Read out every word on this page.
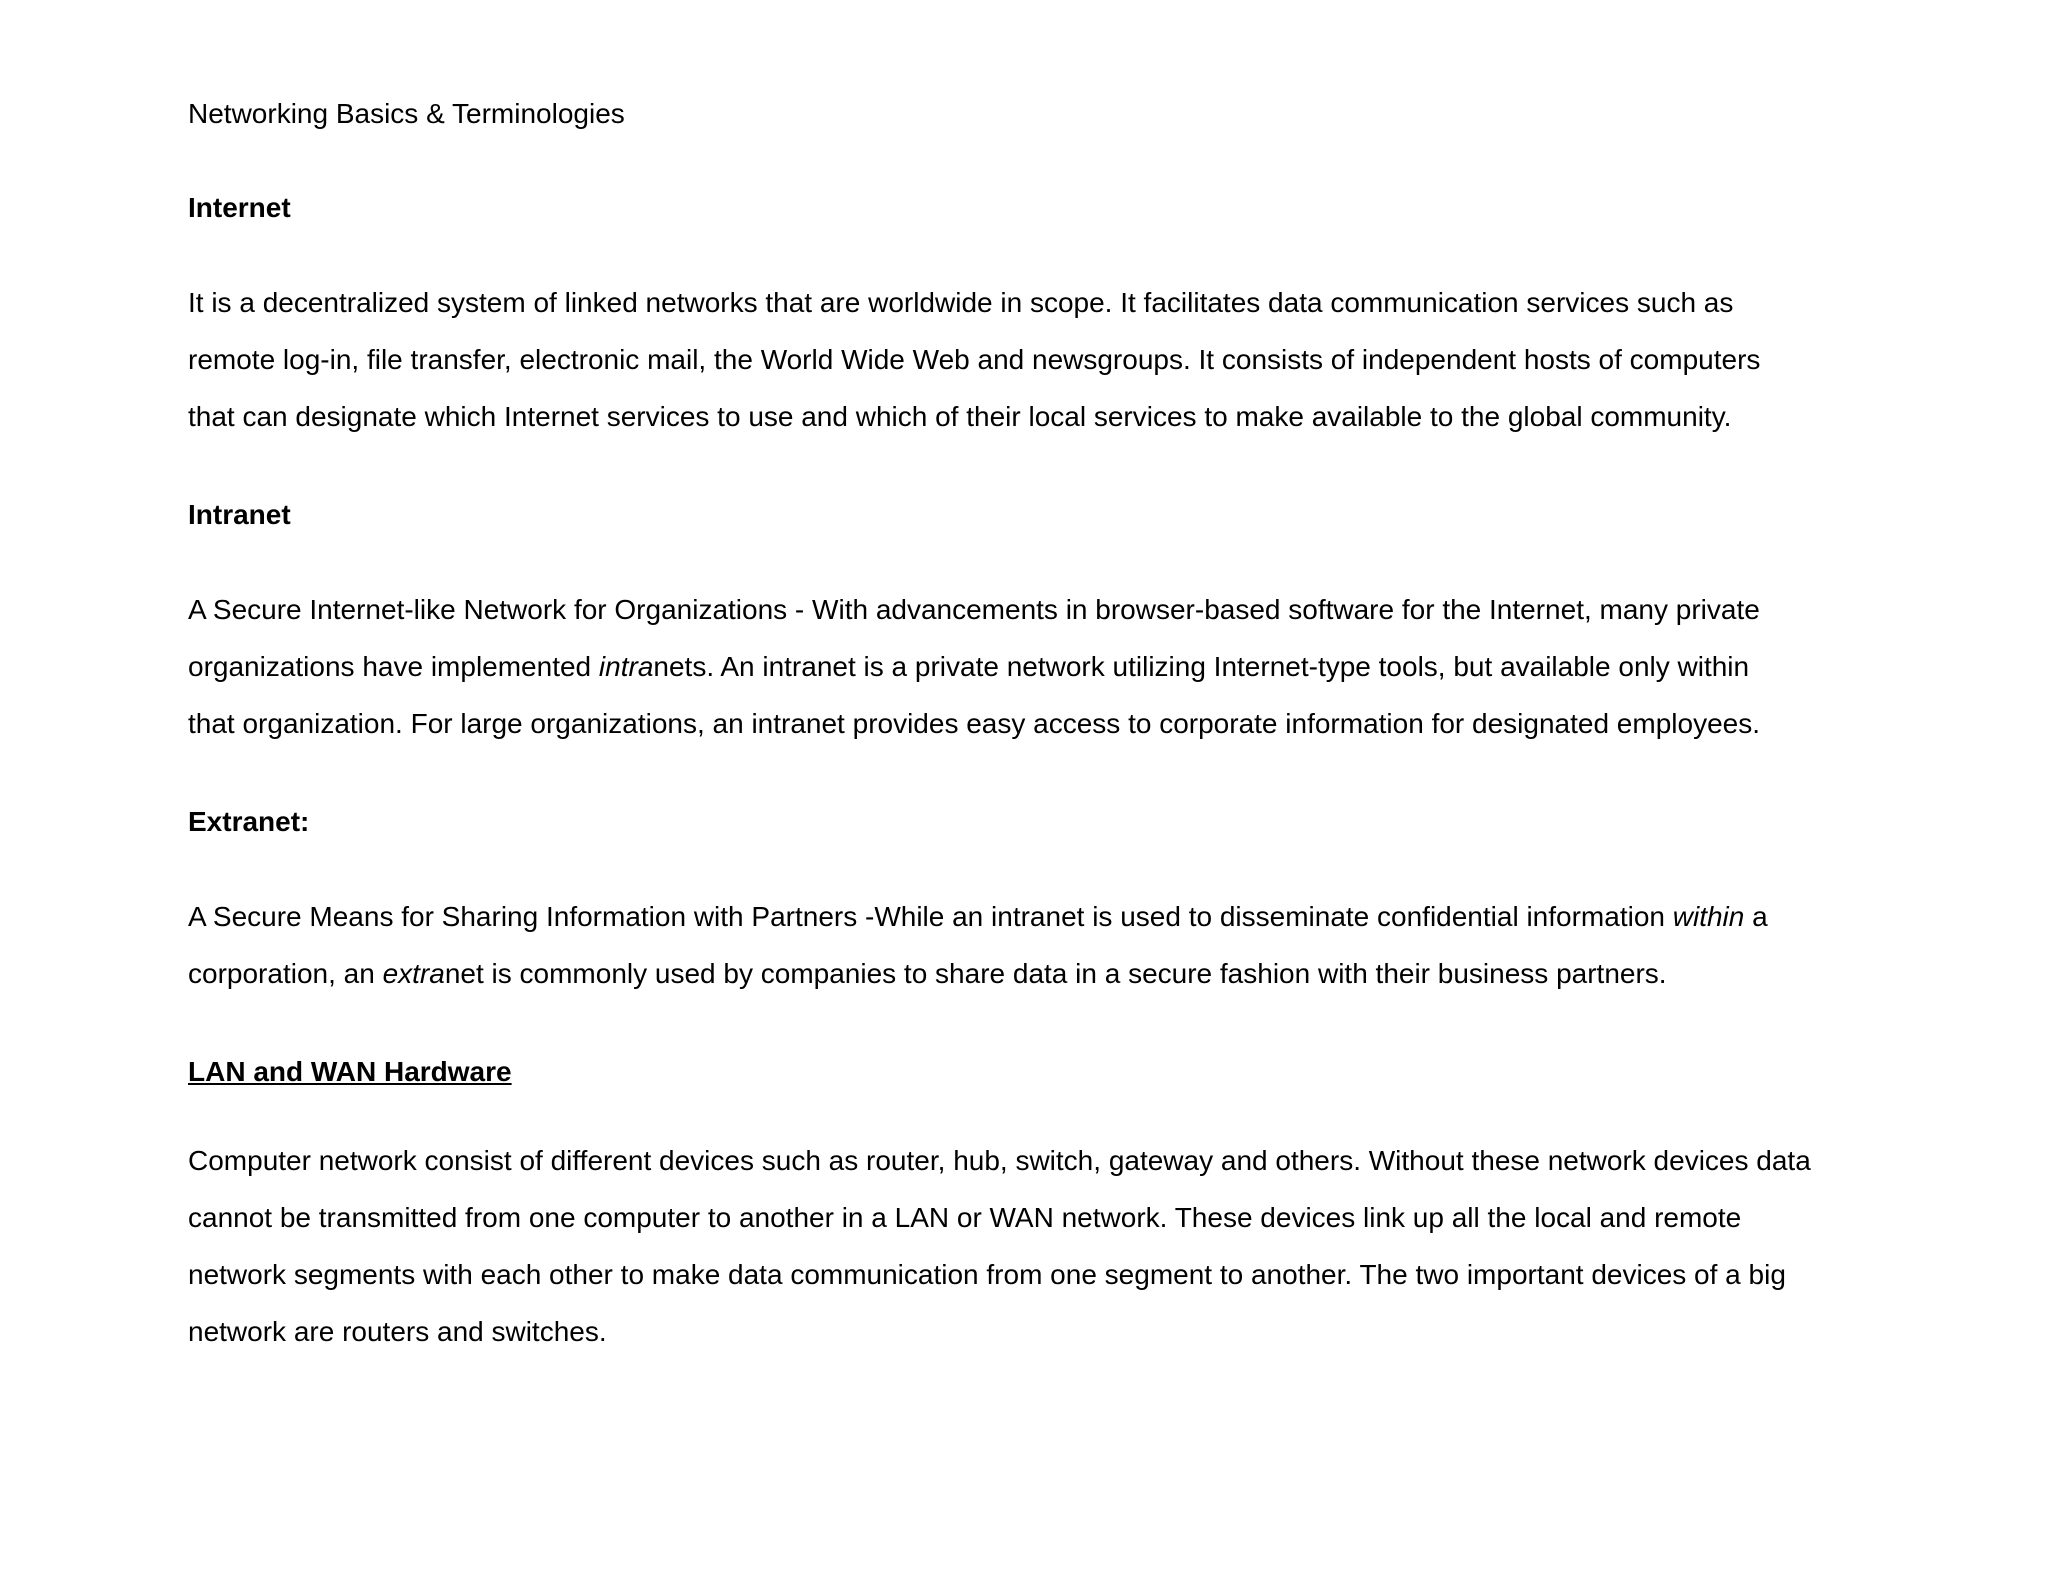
Networking Basics & Terminologies

Internet

It is a decentralized system of linked networks that are worldwide in scope. It facilitates data communication services such as
remote log-in, file transfer, electronic mail, the World Wide Web and newsgroups. It consists of independent hosts of computers
that can designate which Internet services to use and which of their local services to make available to the global community.

Intranet

A Secure Internet-like Network for Organizations - With advancements in browser-based software for the Internet, many private
organizations have implemented intranets. An intranet is a private network utilizing Internet-type tools, but available only within
that organization. For large organizations, an intranet provides easy access to corporate information for designated employees.

Extranet:

A Secure Means for Sharing Information with Partners -While an intranet is used to disseminate confidential information within a
corporation, an extranet is commonly used by companies to share data in a secure fashion with their business partners.

LAN and WAN Hardware

Computer network consist of different devices such as router, hub, switch, gateway and others. Without these network devices data
cannot be transmitted from one computer to another in a LAN or WAN network. These devices link up all the local and remote
network segments with each other to make data communication from one segment to another. The two important devices of a big
network are routers and switches.
